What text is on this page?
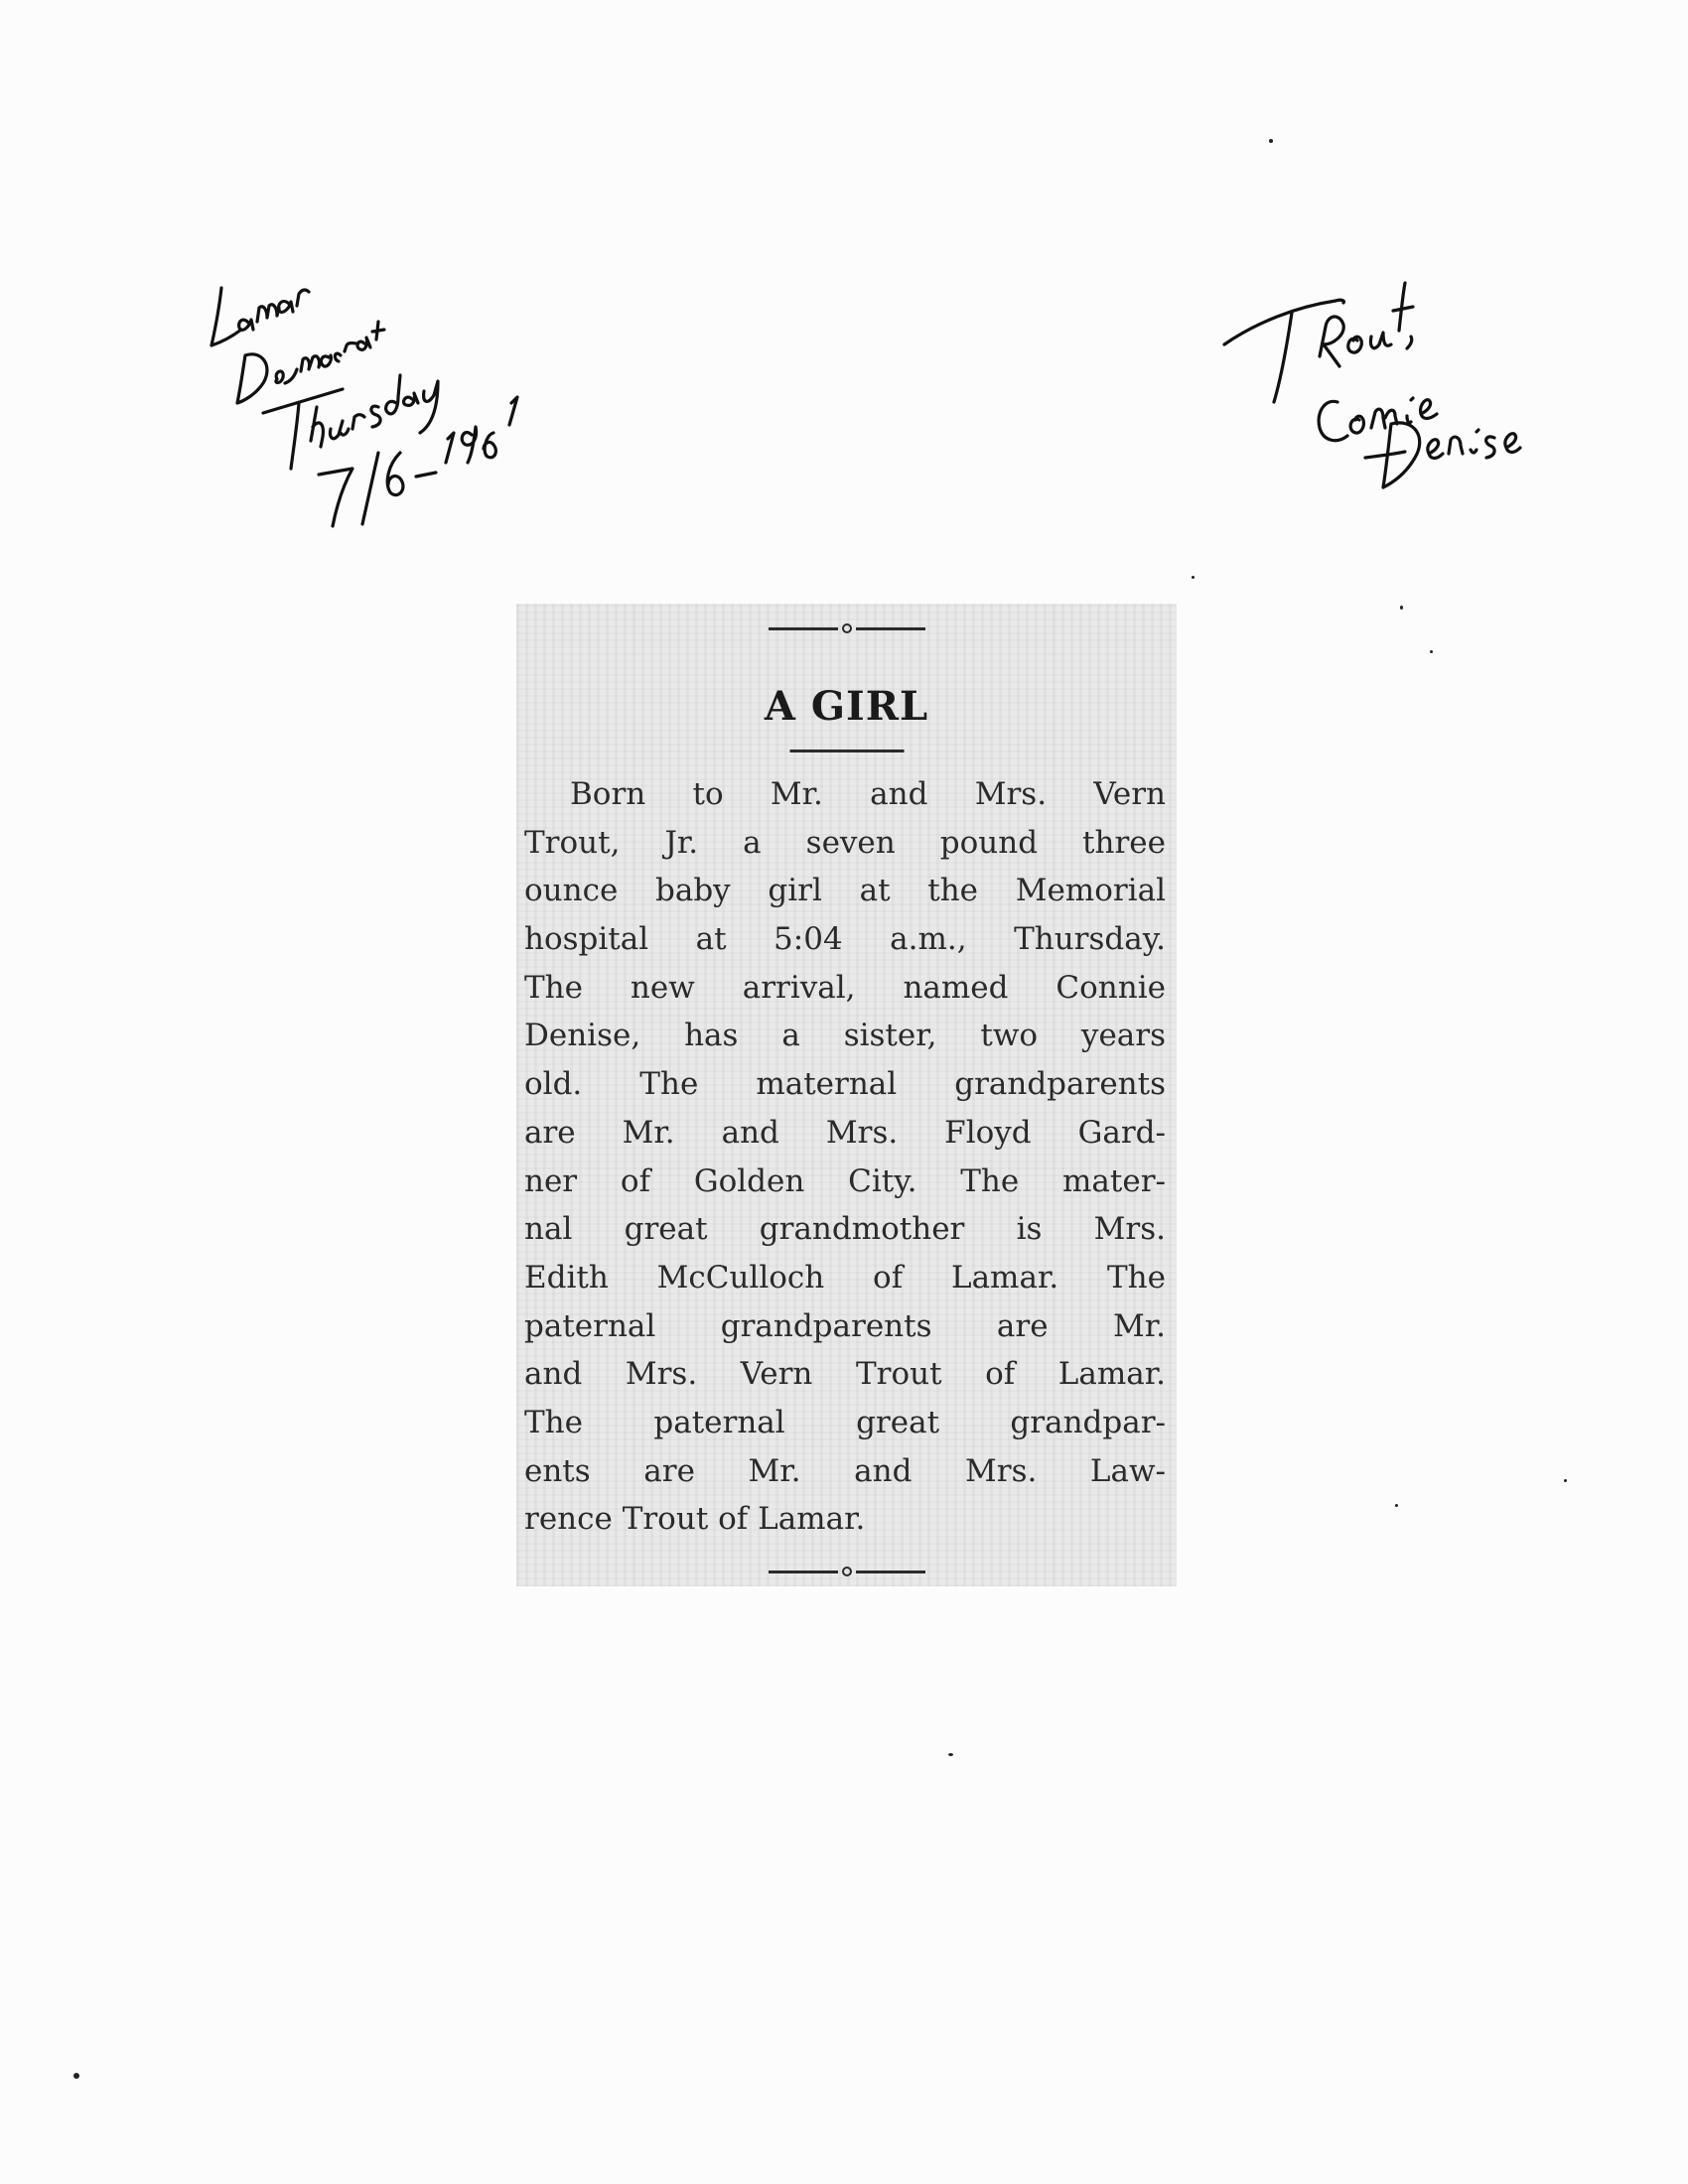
A GIRL
Born to Mr. and Mrs. Vern
Trout, Jr. a seven pound three
ounce baby girl at the Memorial
hospital at 5:04 a.m., Thursday.
The new arrival, named Connie
Denise, has a sister, two years
old. The maternal grandparents
are Mr. and Mrs. Floyd Gard-
ner of Golden City. The mater-
nal great grandmother is Mrs.
Edith McCulloch of Lamar. The
paternal grandparents are Mr.
and Mrs. Vern Trout of Lamar.
The paternal great grandpar-
ents are Mr. and Mrs. Law-
rence Trout of Lamar.
